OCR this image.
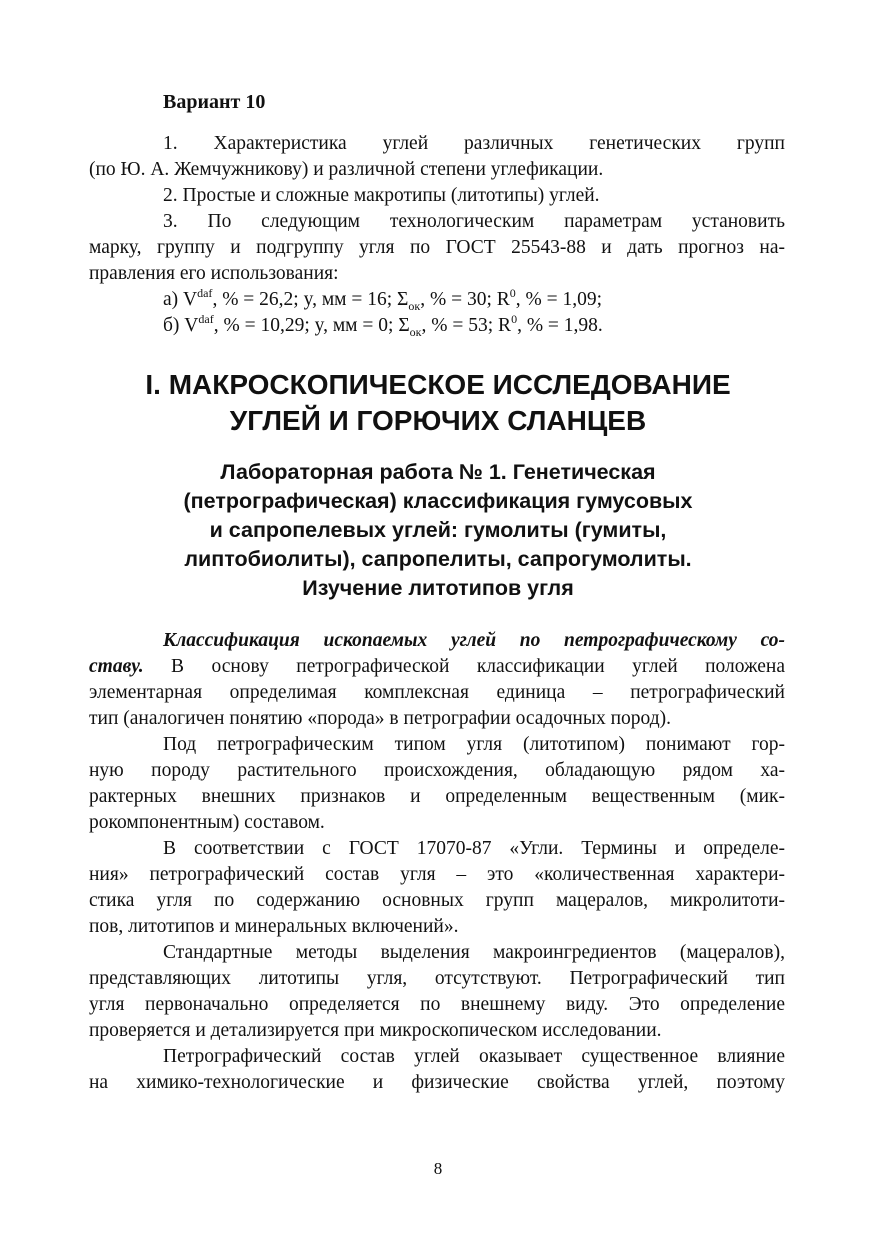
Вариант 10
1. Характеристика углей различных генетических групп
(по Ю. А. Жемчужникову) и различной степени углефикации.
2. Простые и сложные макротипы (литотипы) углей.
3. По следующим технологическим параметрам установить
марку, группу и подгруппу угля по ГОСТ 25543-88 и дать прогноз на-
правления его использования:

а) $V^{daf}$, % = 26,2; y, мм = 16; $\Sigma_{ок}$, % = 30; $R^0$, % = 1,09;

б) $V^{daf}$, % = 10,29; y, мм = 0; $\Sigma_{ок}$, % = 53; $R^0$, % = 1,98.

I. МАКРОСКОПИЧЕСКОЕ ИССЛЕДОВАНИЕ
УГЛЕЙ И ГОРЮЧИХ СЛАНЦЕВ
Лабораторная работа № 1. Генетическая
(петрографическая) классификация гумусовых
и сапропелевых углей: гумолиты (гумиты,
липтобиолиты), сапропелиты, сапрогумолиты.
Изучение литотипов угля
Классификация ископаемых углей по петрографическому со-
ставу. В основу петрографической классификации углей положена
элементарная определимая комплексная единица – петрографический
тип (аналогичен понятию «порода» в петрографии осадочных пород).
Под петрографическим типом угля (литотипом) понимают гор-
ную породу растительного происхождения, обладающую рядом ха-
рактерных внешних признаков и определенным вещественным (мик-
рокомпонентным) составом.
В соответствии с ГОСТ 17070-87 «Угли. Термины и определе-
ния» петрографический состав угля – это «количественная характери-
стика угля по содержанию основных групп мацералов, микролитоти-
пов, литотипов и минеральных включений».
Стандартные методы выделения макроингредиентов (мацералов),
представляющих литотипы угля, отсутствуют. Петрографический тип
угля первоначально определяется по внешнему виду. Это определение
проверяется и детализируется при микроскопическом исследовании.
Петрографический состав углей оказывает существенное влияние
на химико-технологические и физические свойства углей, поэтому
8
